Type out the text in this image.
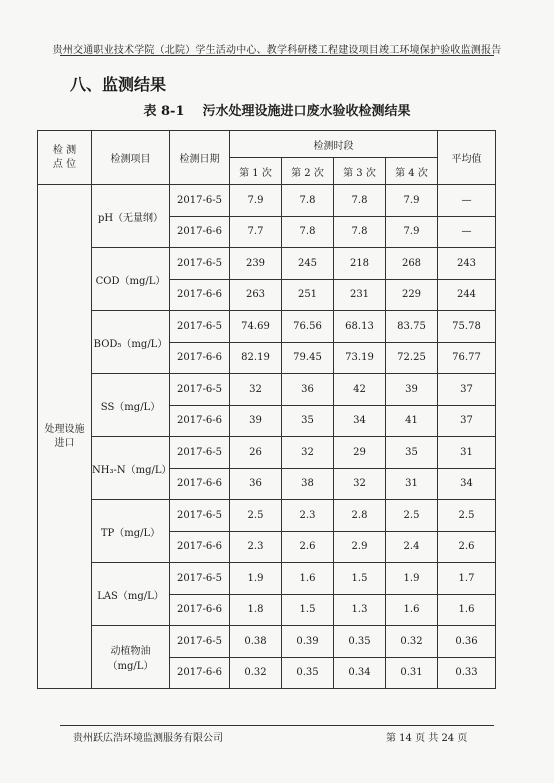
贵州交通职业技术学院（北院）学生活动中心、教学科研楼工程建设项目竣工环境保护验收监测报告
八、监测结果
表 8-1 污水处理设施进口废水验收检测结果
检 测
点 位	检测项目	检测日期	检测时段				平均值
			第 1 次	第 2 次	第 3 次	第 4 次	
处理设施
进口	pH（无量纲）	2017-6-5	7.9	7.8	7.8	7.9	—
		2017-6-6	7.7	7.8	7.8	7.9	—
	COD（mg/L）	2017-6-5	239	245	218	268	243
		2017-6-6	263	251	231	229	244
	BOD₅（mg/L）	2017-6-5	74.69	76.56	68.13	83.75	75.78
		2017-6-6	82.19	79.45	73.19	72.25	76.77
	SS（mg/L）	2017-6-5	32	36	42	39	37
		2017-6-6	39	35	34	41	37
	NH₃-N（mg/L）	2017-6-5	26	32	29	35	31
		2017-6-6	36	38	32	31	34
	TP（mg/L）	2017-6-5	2.5	2.3	2.8	2.5	2.5
		2017-6-6	2.3	2.6	2.9	2.4	2.6
	LAS（mg/L）	2017-6-5	1.9	1.6	1.5	1.9	1.7
		2017-6-6	1.8	1.5	1.3	1.6	1.6
	动植物油（mg/L）	2017-6-5	0.38	0.39	0.35	0.32	0.36
		2017-6-6	0.32	0.35	0.34	0.31	0.33
贵州跃広浩环境监测服务有限公司	第 14 页 共 24 页
